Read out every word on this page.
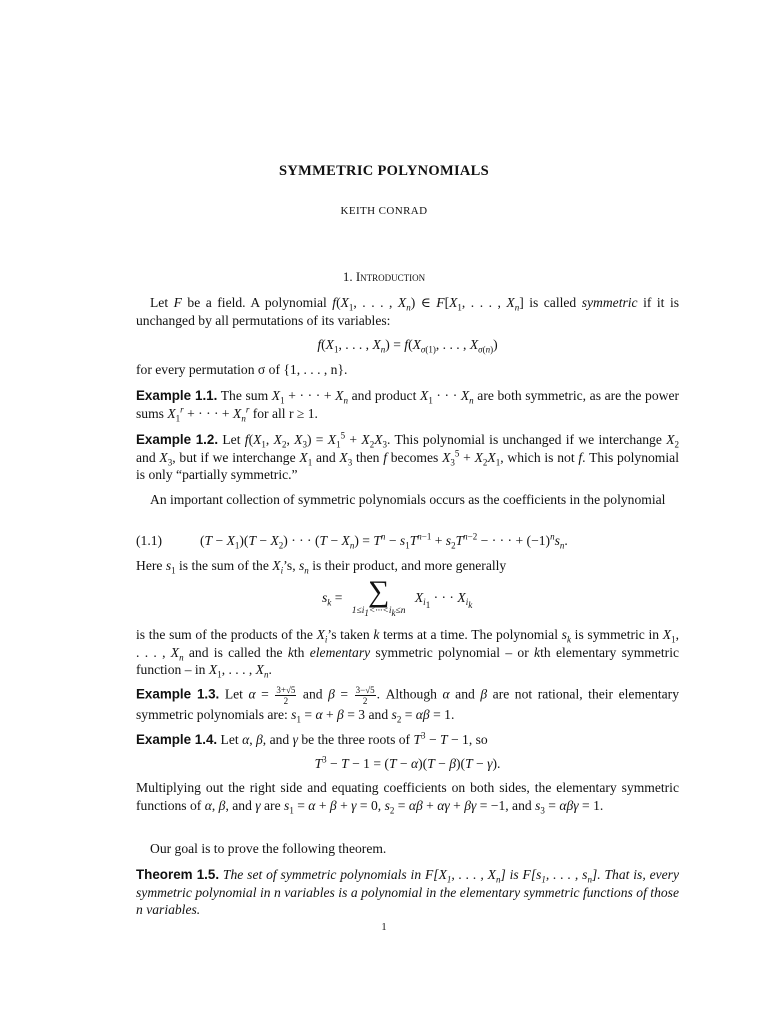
SYMMETRIC POLYNOMIALS
KEITH CONRAD
1. Introduction
Let F be a field. A polynomial $f(X_1$, . . . , $X_n$) ∈ $F[X_1$, . . . , $X_n$] is called symmetric if it is unchanged by all permutations of its variables:
$f(X_1$, . . . , $X_n) = f(X_{\sigma(1)}$, . . . , $X_{\sigma(n)}$)
for every permutation σ of {1, . . . , n}.
Example 1.1. The sum $X_1$ + · · · + $X_n$ and product $X_1$ · · · $X_n$ are both symmetric, as are the power sums $X_1^r$ + · · · + $X_n^r$ for all r ≥ 1.
Example 1.2. Let $f(X_1$, $X_2$, $X_3) = X_1^5 + X_2X_3$. This polynomial is unchanged if we interchange $X_2$ and $X_3$, but if we interchange $X_1$ and $X_3$ then f becomes $X_3^5 + X_2X_1$, which is not f. This polynomial is only “partially symmetric.”
An important collection of symmetric polynomials occurs as the coefficients in the polynomial
(1.1)	$(T - X_1)(T - X_2)$ · · · $(T - X_n) = T^n - s_1T^{n-1} + s_2T^{n-2}$ − · · · + $(-1)^ns_n$.
Here $s_1$ is the sum of the $X_i’s$, $s_n$ is their product, and more generally
$s_k$ = ∑
$1\le i_1<\cdot\cdot\cdot<i_k\le n$
$X_{i_1}$ · · · $X_{i_k}$
is the sum of the products of the $X_i’s$ taken k terms at a time. The polynomial $s_k$ is symmetric in $X_1$, . . . , $X_n$ and is called the kth elementary symmetric polynomial – or kth elementary symmetric function – in $X_1$, . . . , $X_n$.
Example 1.3. Let $\alpha = \frac{3+√5}{2}$ and $\beta = \frac{3-√5}{2}$ . Although α and β are not rational, their elementary symmetric polynomials are: $s_1 = \alpha + \beta = 3$ and $s_2 = \alpha\beta = 1$.
Example 1.4. Let α, β, and γ be the three roots of $T^3 - T - 1$, so
$T^3 - T - 1 = (T - \alpha)(T - \beta)(T - \gamma)$.
Multiplying out the right side and equating coefficients on both sides, the elementary symmetric functions of α, β, and γ are $s_1 = \alpha + \beta + \gamma = 0$, $s_2 = \alpha\beta + \alpha\gamma + \beta\gamma = -1$, and $s_3 = \alpha\beta\gamma = 1$.
Our goal is to prove the following theorem.
Theorem 1.5. The set of symmetric polynomials in $F[X_1$, . . . , $X_n$] is $F[s_1$, . . . , $s_n$]. That is, every symmetric polynomial in n variables is a polynomial in the elementary symmetric functions of those n variables.
1
